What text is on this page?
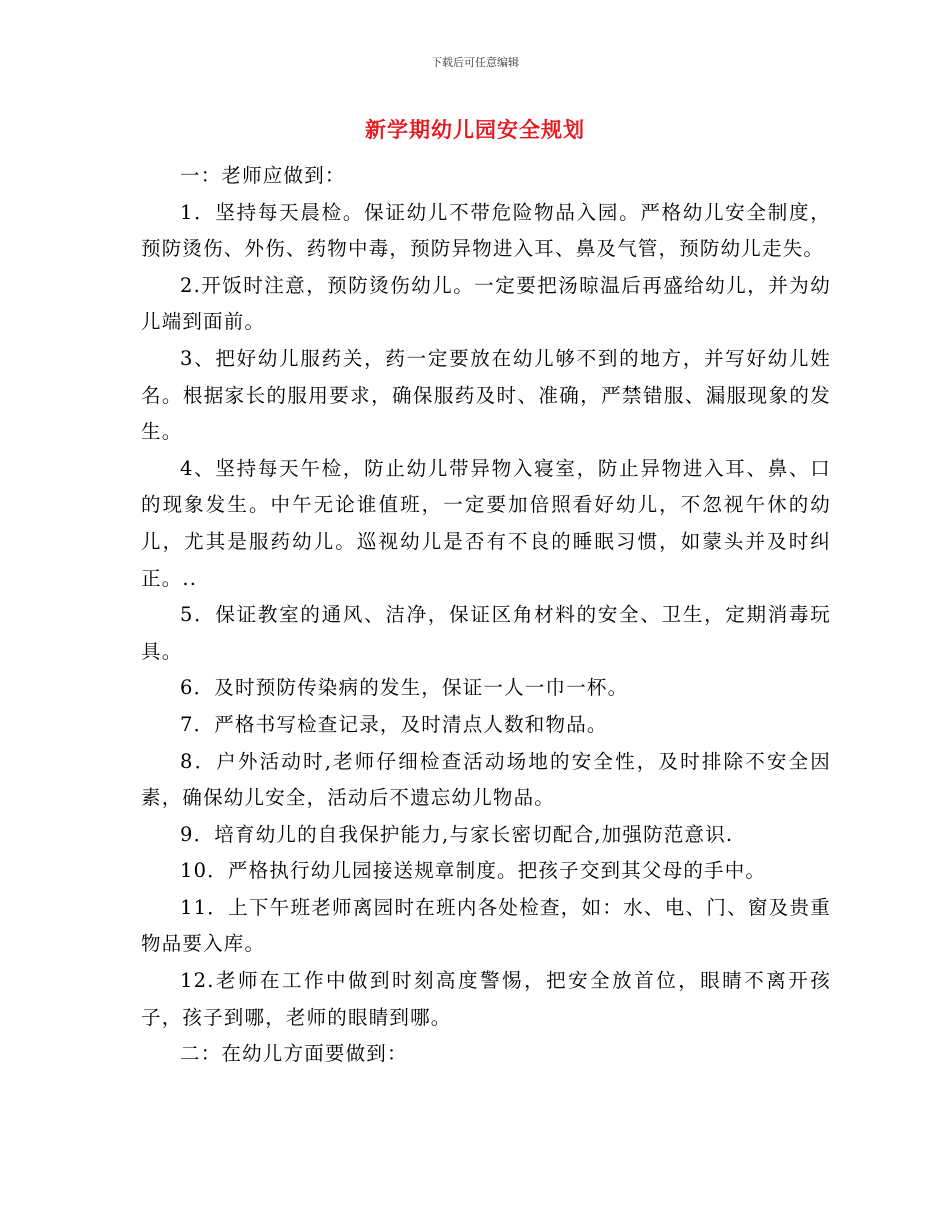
下载后可任意编辑
新学期幼儿园安全规划

一：老师应做到：

1．坚持每天晨检。保证幼儿不带危险物品入园。严格幼儿安全制度，预防烫伤、外伤、药物中毒，预防异物进入耳、鼻及气管，预防幼儿走失。

2.开饭时注意，预防烫伤幼儿。一定要把汤晾温后再盛给幼儿，并为幼儿端到面前。

3、把好幼儿服药关，药一定要放在幼儿够不到的地方，并写好幼儿姓名。根据家长的服用要求，确保服药及时、准确，严禁错服、漏服现象的发生。

4、坚持每天午检，防止幼儿带异物入寝室，防止异物进入耳、鼻、口的现象发生。中午无论谁值班，一定要加倍照看好幼儿，不忽视午休的幼儿，尤其是服药幼儿。巡视幼儿是否有不良的睡眠习惯，如蒙头并及时纠正。..

5．保证教室的通风、洁净，保证区角材料的安全、卫生，定期消毒玩具。

6．及时预防传染病的发生，保证一人一巾一杯。

7．严格书写检查记录，及时清点人数和物品。

8．户外活动时,老师仔细检查活动场地的安全性，及时排除不安全因素，确保幼儿安全，活动后不遗忘幼儿物品。

9．培育幼儿的自我保护能力,与家长密切配合,加强防范意识.

10．严格执行幼儿园接送规章制度。把孩子交到其父母的手中。

11．上下午班老师离园时在班内各处检查，如：水、电、门、窗及贵重物品要入库。

12.老师在工作中做到时刻高度警惕，把安全放首位，眼睛不离开孩子，孩子到哪，老师的眼睛到哪。

二：在幼儿方面要做到：
